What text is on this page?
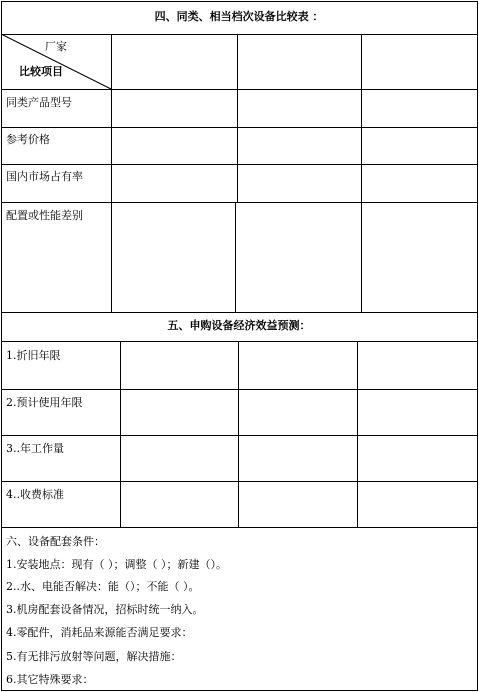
四、同类、相当档次设备比较表 ：
厂家
比较项目
同类产品型号
参考价格
国内市场占有率
配置或性能差别
五、申购设备经济效益预测：
1.折旧年限
2.预计使用年限
3..年工作量
4..收费标准
六、设备配套条件：
1.安装地点：现有（ ）；调整（ ）；新建（）。
2..水、电能否解决：能（）；不能（ ）。
3.机房配套设备情况，招标时统一纳入。
4.零配件，消耗品来源能否满足要求：
5.有无排污放射等问题，解决措施：
6.其它特殊要求：
